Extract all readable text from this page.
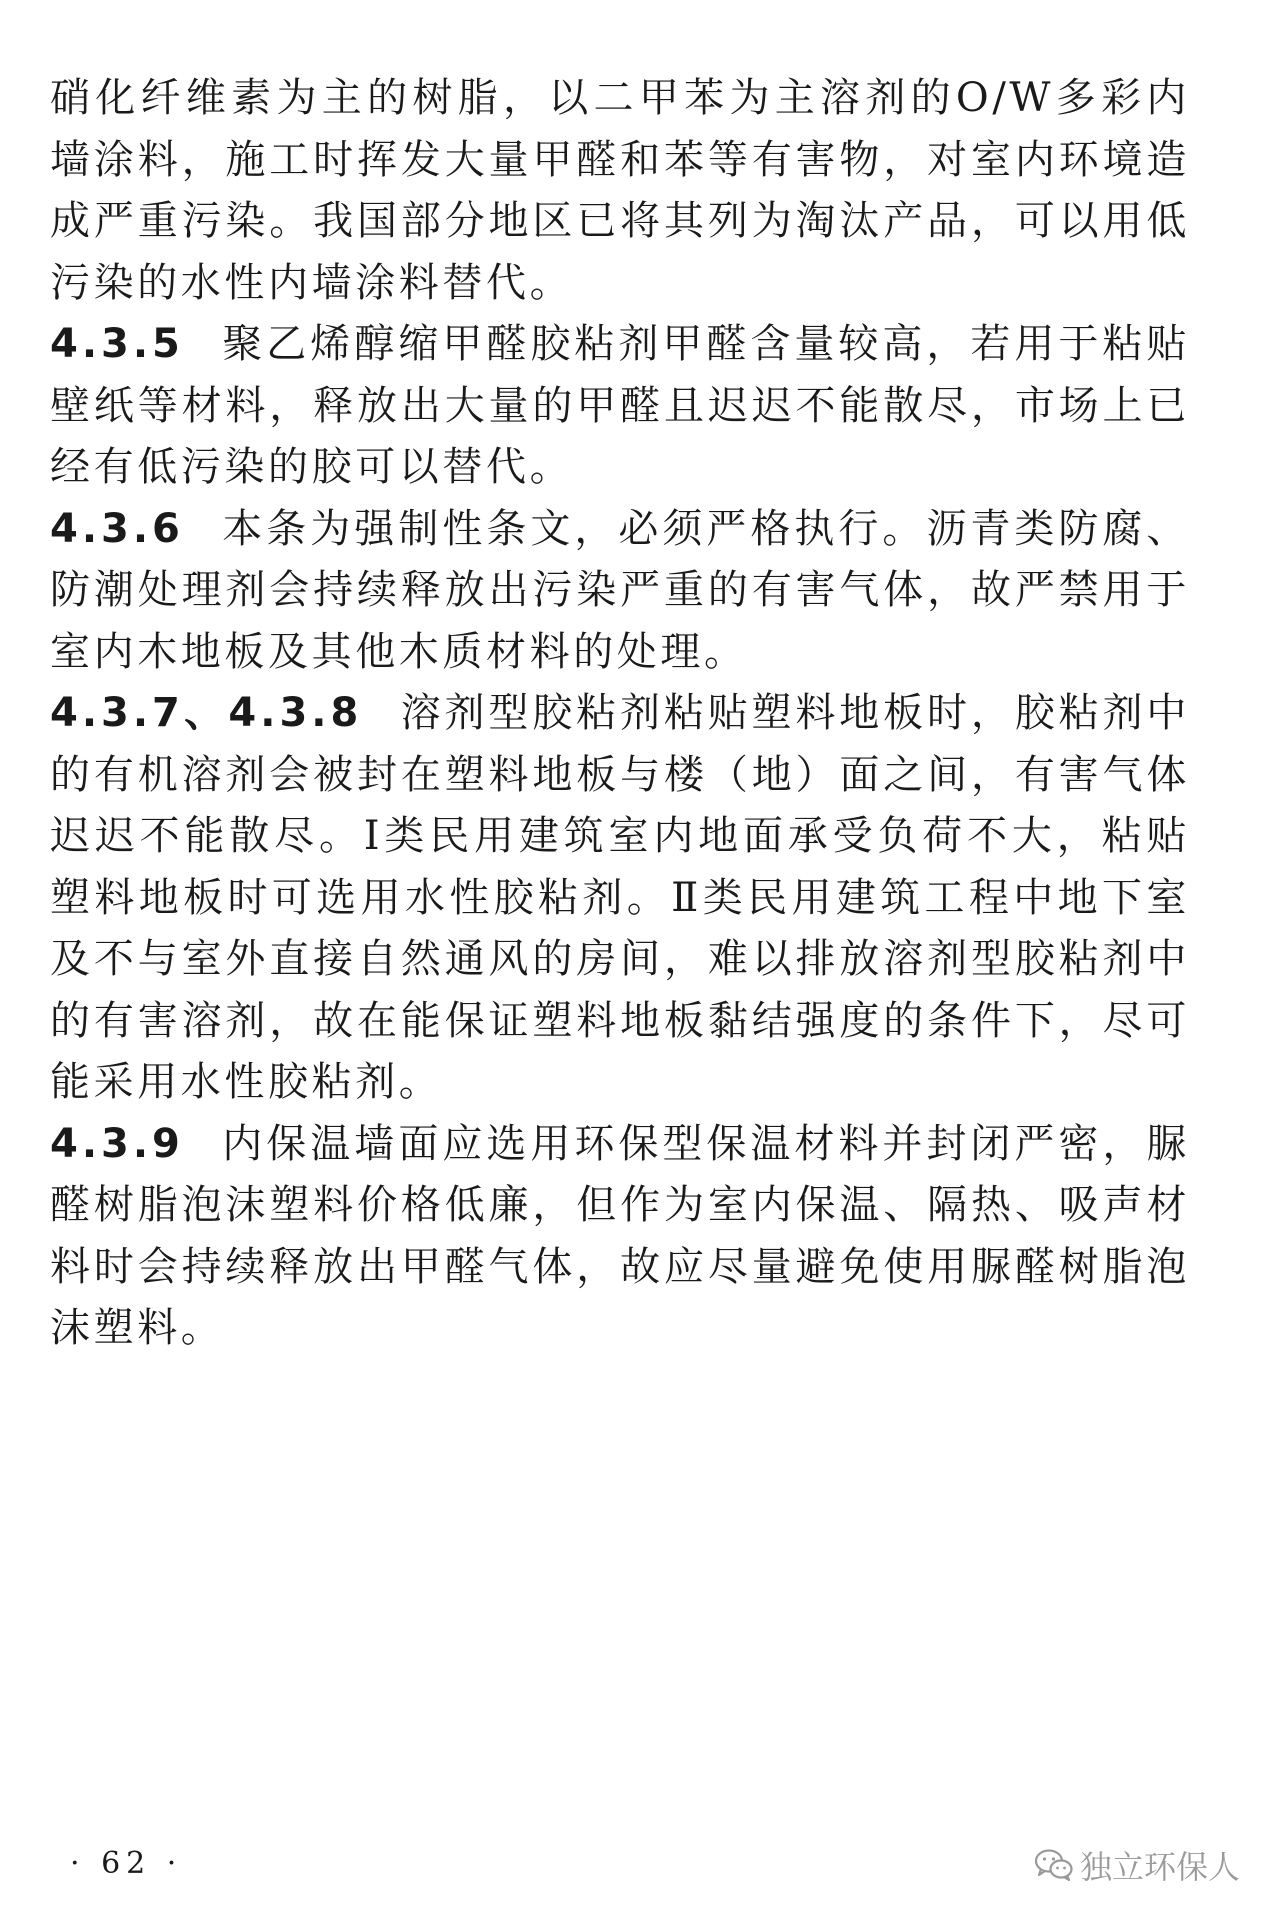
硝化纤维素为主的树脂，以二甲苯为主溶剂的O/W多彩内墙涂料，施工时挥发大量甲醛和苯等有害物，对室内环境造成严重污染。我国部分地区已将其列为淘汰产品，可以用低污染的水性内墙涂料替代。

4.3.5 聚乙烯醇缩甲醛胶粘剂甲醛含量较高，若用于粘贴壁纸等材料，释放出大量的甲醛且迟迟不能散尽，市场上已经有低污染的胶可以替代。

4.3.6 本条为强制性条文，必须严格执行。沥青类防腐、防潮处理剂会持续释放出污染严重的有害气体，故严禁用于室内木地板及其他木质材料的处理。

4.3.7、4.3.8 溶剂型胶粘剂粘贴塑料地板时，胶粘剂中的有机溶剂会被封在塑料地板与楼（地）面之间，有害气体迟迟不能散尽。Ⅰ类民用建筑室内地面承受负荷不大，粘贴塑料地板时可选用水性胶粘剂。Ⅱ类民用建筑工程中地下室及不与室外直接自然通风的房间，难以排放溶剂型胶粘剂中的有害溶剂，故在能保证塑料地板黏结强度的条件下，尽可能采用水性胶粘剂。

4.3.9 内保温墙面应选用环保型保温材料并封闭严密，脲醛树脂泡沫塑料价格低廉，但作为室内保温、隔热、吸声材料时会持续释放出甲醛气体，故应尽量避免使用脲醛树脂泡沫塑料。

· 62 ·	独立环保人
